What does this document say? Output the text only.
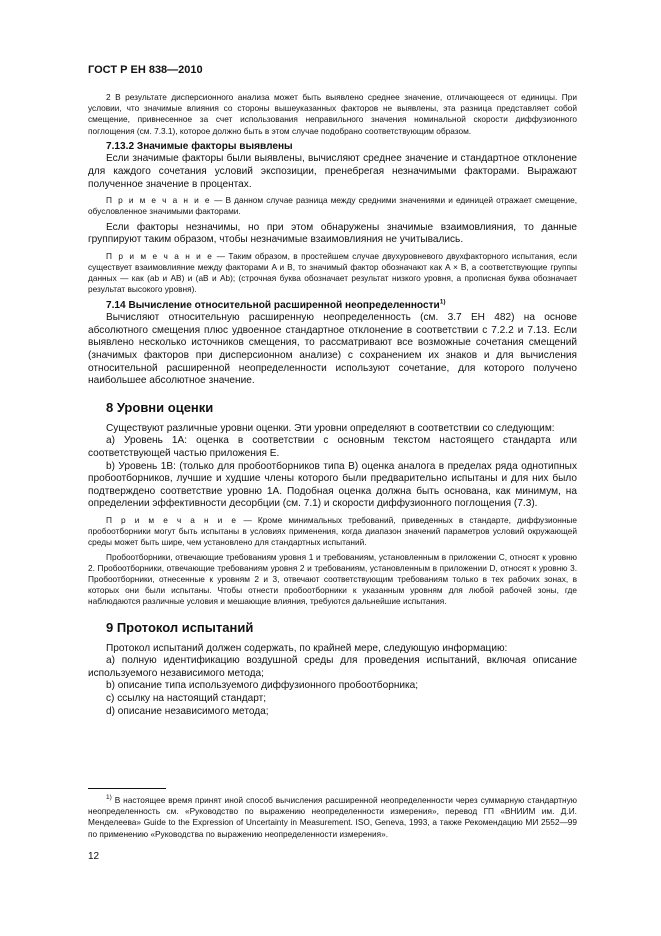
ГОСТ Р ЕН 838—2010

2 В результате дисперсионного анализа может быть выявлено среднее значение, отличающееся от единицы. При условии, что значимые влияния со стороны вышеуказанных факторов не выявлены, эта разница представляет собой смещение, привнесенное за счет использования неправильного значения номинальной скорости диффузионного поглощения (см. 7.3.1), которое должно быть в этом случае подобрано соответствующим образом.

7.13.2 Значимые факторы выявлены

Если значимые факторы были выявлены, вычисляют среднее значение и стандартное отклонение для каждого сочетания условий экспозиции, пренебрегая незначимыми факторами. Выражают полученное значение в процентах.

П р и м е ч а н и е — В данном случае разница между средними значениями и единицей отражает смещение, обусловленное значимыми факторами.

Если факторы незначимы, но при этом обнаружены значимые взаимовлияния, то данные группируют таким образом, чтобы незначимые взаимовлияния не учитывались.

П р и м е ч а н и е — Таким образом, в простейшем случае двухуровневого двухфакторного испытания, если существует взаимовлияние между факторами A и B, то значимый фактор обозначают как A × B, а соответствующие группы данных — как (ab и AB) и (aB и Ab); (строчная буква обозначает результат низкого уровня, а прописная буква обозначает результат высокого уровня).

7.14 Вычисление относительной расширенной неопределенности$^{1)}$

Вычисляют относительную расширенную неопределенность (см. 3.7 ЕН 482) на основе абсолютного смещения плюс удвоенное стандартное отклонение в соответствии с 7.2.2 и 7.13. Если выявлено несколько источников смещения, то рассматривают все возможные сочетания смещений (значимых факторов при дисперсионном анализе) с сохранением их знаков и для вычисления относительной расширенной неопределенности используют сочетание, для которого получено наибольшее абсолютное значение.

8 Уровни оценки

Существуют различные уровни оценки. Эти уровни определяют в соответствии со следующим:

a) Уровень 1A: оценка в соответствии с основным текстом настоящего стандарта или соответствующей частью приложения E.

b) Уровень 1B: (только для пробоотборников типа B) оценка аналога в пределах ряда однотипных пробоотборников, лучшие и худшие члены которого были предварительно испытаны и для них было подтверждено соответствие уровню 1A. Подобная оценка должна быть основана, как минимум, на определении эффективности десорбции (см. 7.1) и скорости диффузионного поглощения (7.3).

П р и м е ч а н и е — Кроме минимальных требований, приведенных в стандарте, диффузионные пробоотборники могут быть испытаны в условиях применения, когда диапазон значений параметров условий окружающей среды может быть шире, чем установлено для стандартных испытаний.

Пробоотборники, отвечающие требованиям уровня 1 и требованиям, установленным в приложении C, относят к уровню 2. Пробоотборники, отвечающие требованиям уровня 2 и требованиям, установленным в приложении D, относят к уровню 3. Пробоотборники, отнесенные к уровням 2 и 3, отвечают соответствующим требованиям только в тех рабочих зонах, в которых они были испытаны. Чтобы отнести пробоотборники к указанным уровням для любой рабочей зоны, где наблюдаются различные условия и мешающие влияния, требуются дальнейшие испытания.

9 Протокол испытаний

Протокол испытаний должен содержать, по крайней мере, следующую информацию:

a) полную идентификацию воздушной среды для проведения испытаний, включая описание используемого независимого метода;

b) описание типа используемого диффузионного пробоотборника;

c) ссылку на настоящий стандарт;

d) описание независимого метода;

$^{1)}$ В настоящее время принят иной способ вычисления расширенной неопределенности через суммарную стандартную неопределенность см. «Руководство по выражению неопределенности измерения», перевод ГП «ВНИИМ им. Д.И. Менделеева» Guide to the Expression of Uncertainty in Measurement. ISO, Geneva, 1993, а также Рекомендацию МИ 2552—99 по применению «Руководства по выражению неопределенности измерения».

12
